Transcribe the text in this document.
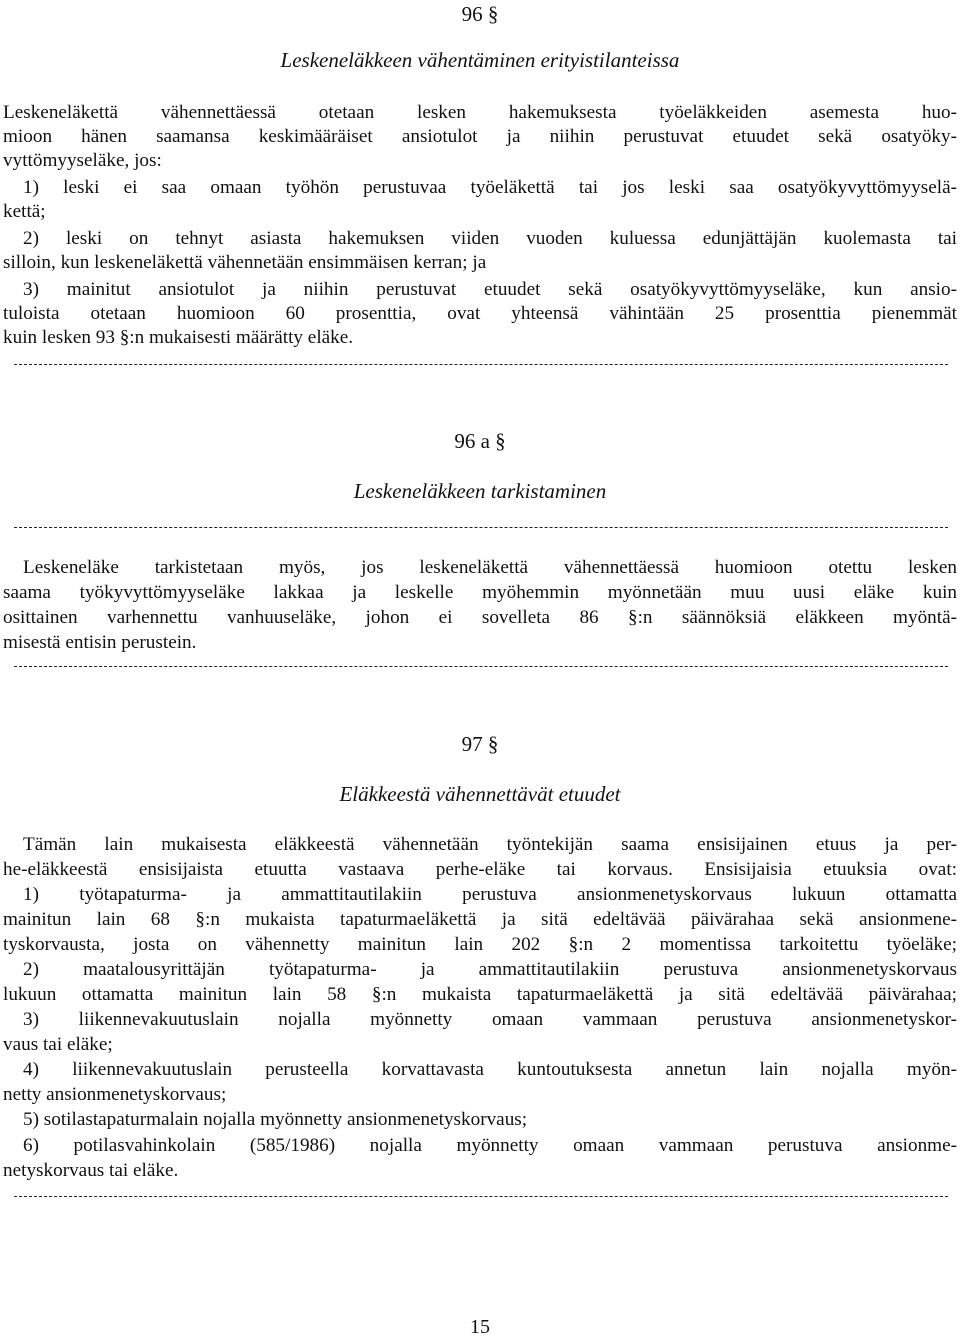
96 §
Leskeneläkkeen vähentäminen erityistilanteissa
Leskeneläkettä vähennettäessä otetaan lesken hakemuksesta työeläkkeiden asemesta huo-
mioon hänen saamansa keskimääräiset ansiotulot ja niihin perustuvat etuudet sekä osatyöky-
vyttömyyseläke, jos:
1) leski ei saa omaan työhön perustuvaa työeläkettä tai jos leski saa osatyökyvyttömyyselä-
kettä;
2) leski on tehnyt asiasta hakemuksen viiden vuoden kuluessa edunjättäjän kuolemasta tai
silloin, kun leskeneläkettä vähennetään ensimmäisen kerran; ja
3) mainitut ansiotulot ja niihin perustuvat etuudet sekä osatyökyvyttömyyseläke, kun ansio-
tuloista otetaan huomioon 60 prosenttia, ovat yhteensä vähintään 25 prosenttia pienemmät
kuin lesken 93 §:n mukaisesti määrätty eläke.
96 a §
Leskeneläkkeen tarkistaminen
Leskeneläke tarkistetaan myös, jos leskeneläkettä vähennettäessä huomioon otettu lesken
saama työkyvyttömyyseläke lakkaa ja leskelle myöhemmin myönnetään muu uusi eläke kuin
osittainen varhennettu vanhuuseläke, johon ei sovelleta 86 §:n säännöksiä eläkkeen myöntä-
misestä entisin perustein.
97 §
Eläkkeestä vähennettävät etuudet
Tämän lain mukaisesta eläkkeestä vähennetään työntekijän saama ensisijainen etuus ja per-
he-eläkkeestä ensisijaista etuutta vastaava perhe-eläke tai korvaus. Ensisijaisia etuuksia ovat:
1) työtapaturma- ja ammattitautilakiin perustuva ansionmenetyskorvaus lukuun ottamatta
mainitun lain 68 §:n mukaista tapaturmaeläkettä ja sitä edeltävää päivärahaa sekä ansionmene-
tyskorvausta, josta on vähennetty mainitun lain 202 §:n 2 momentissa tarkoitettu työeläke;
2) maatalousyrittäjän työtapaturma- ja ammattitautilakiin perustuva ansionmenetyskorvaus
lukuun ottamatta mainitun lain 58 §:n mukaista tapaturmaeläkettä ja sitä edeltävää päivärahaa;
3) liikennevakuutuslain nojalla myönnetty omaan vammaan perustuva ansionmenetyskor-
vaus tai eläke;
4) liikennevakuutuslain perusteella korvattavasta kuntoutuksesta annetun lain nojalla myön-
netty ansionmenetyskorvaus;
5) sotilastapaturmalain nojalla myönnetty ansionmenetyskorvaus;
6) potilasvahinkolain (585/1986) nojalla myönnetty omaan vammaan perustuva ansionme-
netyskorvaus tai eläke.
15
